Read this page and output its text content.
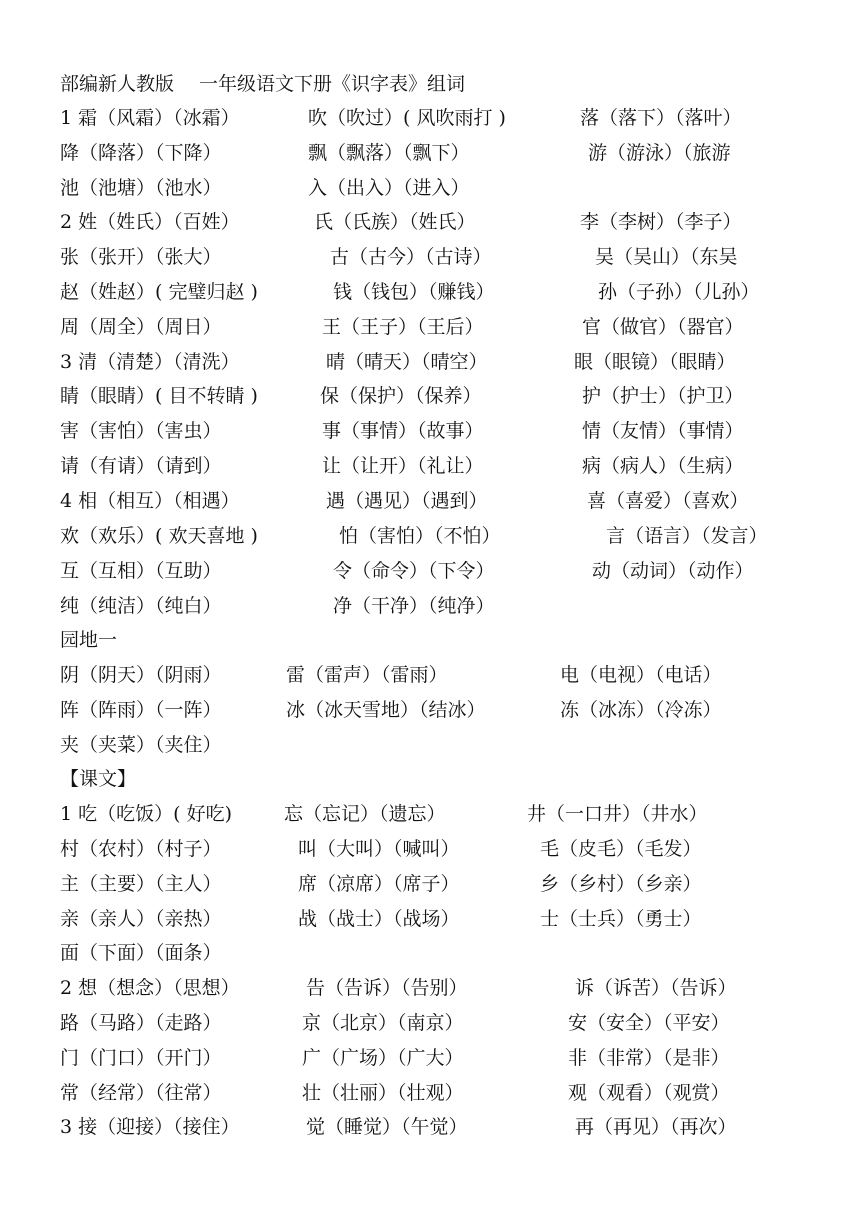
部编新人教版　 一年级语文下册《识字表》组词
1 霜（风霜）（冰霜）	吹（吹过）( 风吹雨打 )	落（落下）（落叶）
降（降落）（下降）	飘（飘落）（飘下）	游（游泳）（旅游
池（池塘）（池水）	入（出入）（进入）
2 姓（姓氏）（百姓）	氏（氏族）（姓氏）	李（李树）（李子）
张（张开）（张大）	古（古今）（古诗）	吴（吴山）（东吴
赵（姓赵）( 完璧归赵 )	钱（钱包）（赚钱）	孙（子孙）（儿孙）
周（周全）（周日）	王（王子）（王后）	官（做官）（器官）
3 清（清楚）（清洗）	晴（晴天）（晴空）	眼（眼镜）（眼睛）
睛（眼睛）( 目不转睛 )	保（保护）（保养）	护（护士）（护卫）
害（害怕）（害虫）	事（事情）（故事）	情（友情）（事情）
请（有请）（请到）	让（让开）（礼让）	病（病人）（生病）
4 相（相互）（相遇）	遇（遇见）（遇到）	喜（喜爱）（喜欢）
欢（欢乐）( 欢天喜地 )	怕（害怕）（不怕）	言（语言）（发言）
互（互相）（互助）	令（命令）（下令）	动（动词）（动作）
纯（纯洁）（纯白）	净（干净）（纯净）
园地一
阴（阴天）（阴雨）	雷（雷声）（雷雨）	电（电视）（电话）
阵（阵雨）（一阵）	冰（冰天雪地）（结冰）	冻（冰冻）（冷冻）
夹（夹菜）（夹住）
【课文】
1 吃（吃饭）( 好吃)	忘（忘记）（遗忘）	井（一口井）（井水）
村（农村）（村子）	叫（大叫）（喊叫）	毛（皮毛）（毛发）
主（主要）（主人）	席（凉席）（席子）	乡（乡村）（乡亲）
亲（亲人）（亲热）	战（战士）（战场）	士（士兵）（勇士）
面（下面）（面条）
2 想（想念）（思想）	告（告诉）（告别）	诉（诉苦）（告诉）
路（马路）（走路）	京（北京）（南京）	安（安全）（平安）
门（门口）（开门）	广（广场）（广大）	非（非常）（是非）
常（经常）（往常）	壮（壮丽）（壮观）	观（观看）（观赏）
3 接（迎接）（接住）	觉（睡觉）（午觉）	再（再见）（再次）
